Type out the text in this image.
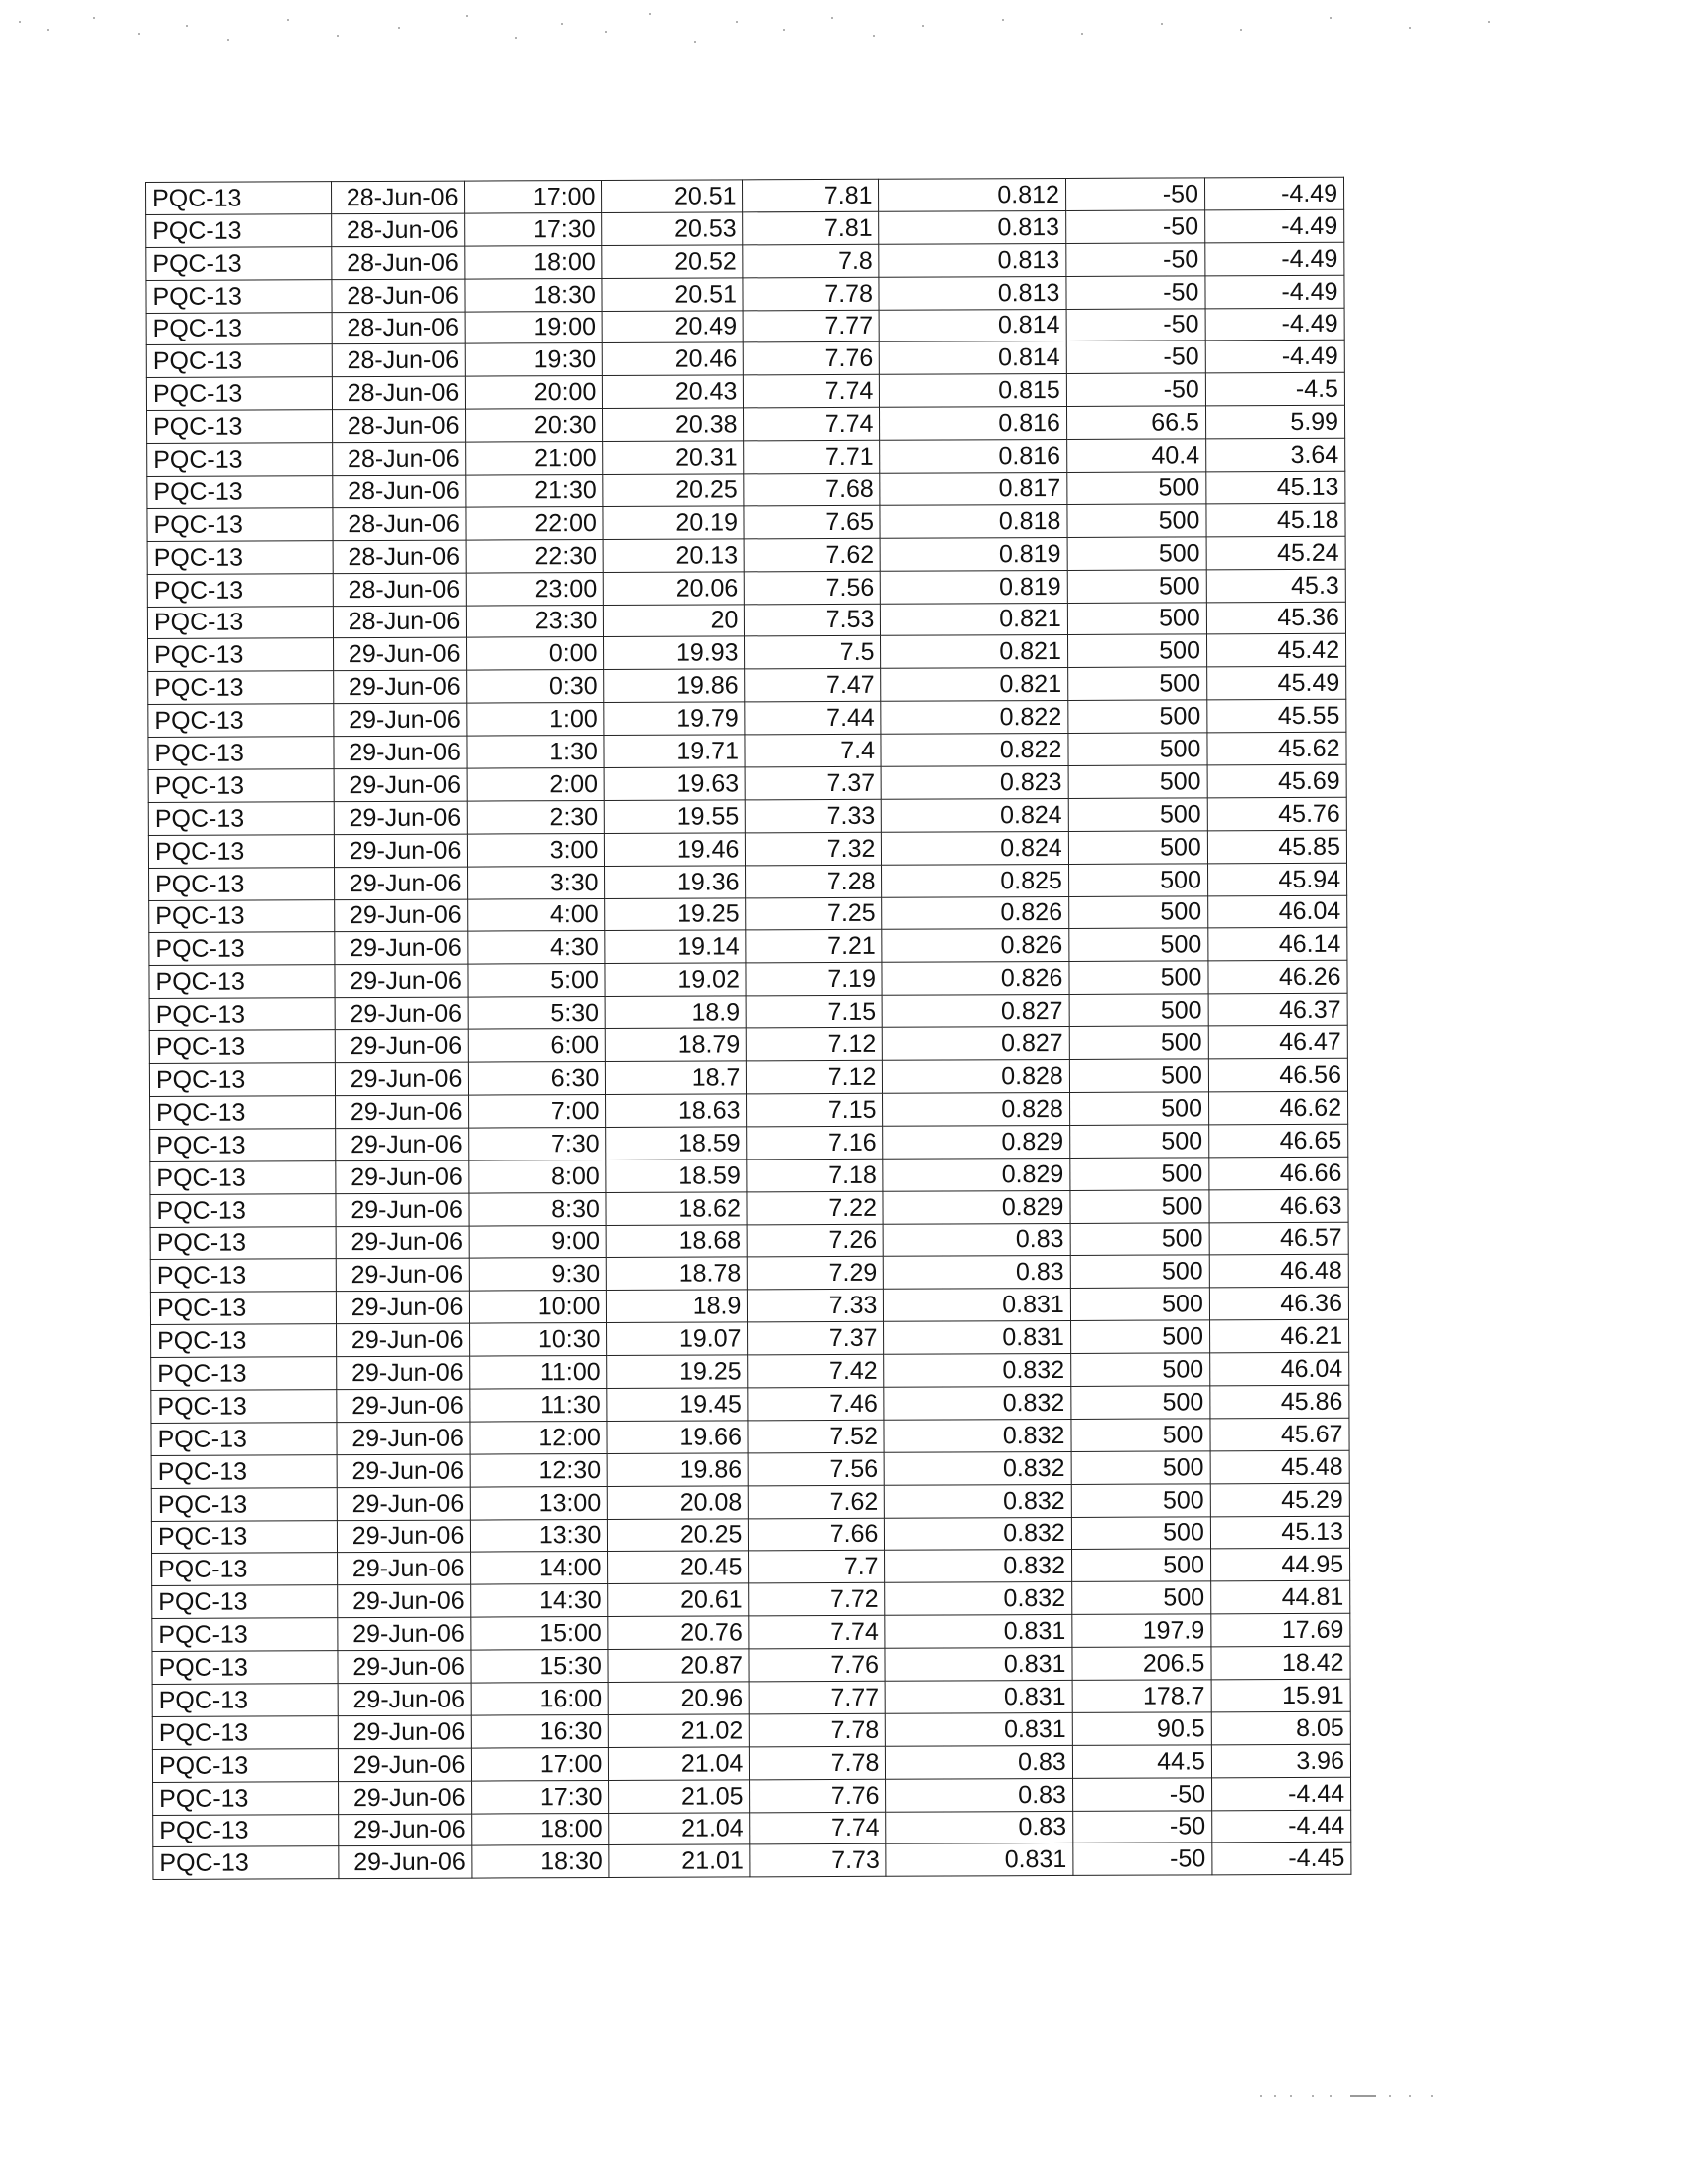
PQC-13	28-Jun-06	17:00	20.51	7.81	0.812	-50	-4.49
PQC-13	28-Jun-06	17:30	20.53	7.81	0.813	-50	-4.49
PQC-13	28-Jun-06	18:00	20.52	7.8	0.813	-50	-4.49
PQC-13	28-Jun-06	18:30	20.51	7.78	0.813	-50	-4.49
PQC-13	28-Jun-06	19:00	20.49	7.77	0.814	-50	-4.49
PQC-13	28-Jun-06	19:30	20.46	7.76	0.814	-50	-4.49
PQC-13	28-Jun-06	20:00	20.43	7.74	0.815	-50	-4.5
PQC-13	28-Jun-06	20:30	20.38	7.74	0.816	66.5	5.99
PQC-13	28-Jun-06	21:00	20.31	7.71	0.816	40.4	3.64
PQC-13	28-Jun-06	21:30	20.25	7.68	0.817	500	45.13
PQC-13	28-Jun-06	22:00	20.19	7.65	0.818	500	45.18
PQC-13	28-Jun-06	22:30	20.13	7.62	0.819	500	45.24
PQC-13	28-Jun-06	23:00	20.06	7.56	0.819	500	45.3
PQC-13	28-Jun-06	23:30	20	7.53	0.821	500	45.36
PQC-13	29-Jun-06	0:00	19.93	7.5	0.821	500	45.42
PQC-13	29-Jun-06	0:30	19.86	7.47	0.821	500	45.49
PQC-13	29-Jun-06	1:00	19.79	7.44	0.822	500	45.55
PQC-13	29-Jun-06	1:30	19.71	7.4	0.822	500	45.62
PQC-13	29-Jun-06	2:00	19.63	7.37	0.823	500	45.69
PQC-13	29-Jun-06	2:30	19.55	7.33	0.824	500	45.76
PQC-13	29-Jun-06	3:00	19.46	7.32	0.824	500	45.85
PQC-13	29-Jun-06	3:30	19.36	7.28	0.825	500	45.94
PQC-13	29-Jun-06	4:00	19.25	7.25	0.826	500	46.04
PQC-13	29-Jun-06	4:30	19.14	7.21	0.826	500	46.14
PQC-13	29-Jun-06	5:00	19.02	7.19	0.826	500	46.26
PQC-13	29-Jun-06	5:30	18.9	7.15	0.827	500	46.37
PQC-13	29-Jun-06	6:00	18.79	7.12	0.827	500	46.47
PQC-13	29-Jun-06	6:30	18.7	7.12	0.828	500	46.56
PQC-13	29-Jun-06	7:00	18.63	7.15	0.828	500	46.62
PQC-13	29-Jun-06	7:30	18.59	7.16	0.829	500	46.65
PQC-13	29-Jun-06	8:00	18.59	7.18	0.829	500	46.66
PQC-13	29-Jun-06	8:30	18.62	7.22	0.829	500	46.63
PQC-13	29-Jun-06	9:00	18.68	7.26	0.83	500	46.57
PQC-13	29-Jun-06	9:30	18.78	7.29	0.83	500	46.48
PQC-13	29-Jun-06	10:00	18.9	7.33	0.831	500	46.36
PQC-13	29-Jun-06	10:30	19.07	7.37	0.831	500	46.21
PQC-13	29-Jun-06	11:00	19.25	7.42	0.832	500	46.04
PQC-13	29-Jun-06	11:30	19.45	7.46	0.832	500	45.86
PQC-13	29-Jun-06	12:00	19.66	7.52	0.832	500	45.67
PQC-13	29-Jun-06	12:30	19.86	7.56	0.832	500	45.48
PQC-13	29-Jun-06	13:00	20.08	7.62	0.832	500	45.29
PQC-13	29-Jun-06	13:30	20.25	7.66	0.832	500	45.13
PQC-13	29-Jun-06	14:00	20.45	7.7	0.832	500	44.95
PQC-13	29-Jun-06	14:30	20.61	7.72	0.832	500	44.81
PQC-13	29-Jun-06	15:00	20.76	7.74	0.831	197.9	17.69
PQC-13	29-Jun-06	15:30	20.87	7.76	0.831	206.5	18.42
PQC-13	29-Jun-06	16:00	20.96	7.77	0.831	178.7	15.91
PQC-13	29-Jun-06	16:30	21.02	7.78	0.831	90.5	8.05
PQC-13	29-Jun-06	17:00	21.04	7.78	0.83	44.5	3.96
PQC-13	29-Jun-06	17:30	21.05	7.76	0.83	-50	-4.44
PQC-13	29-Jun-06	18:00	21.04	7.74	0.83	-50	-4.44
PQC-13	29-Jun-06	18:30	21.01	7.73	0.831	-50	-4.45
